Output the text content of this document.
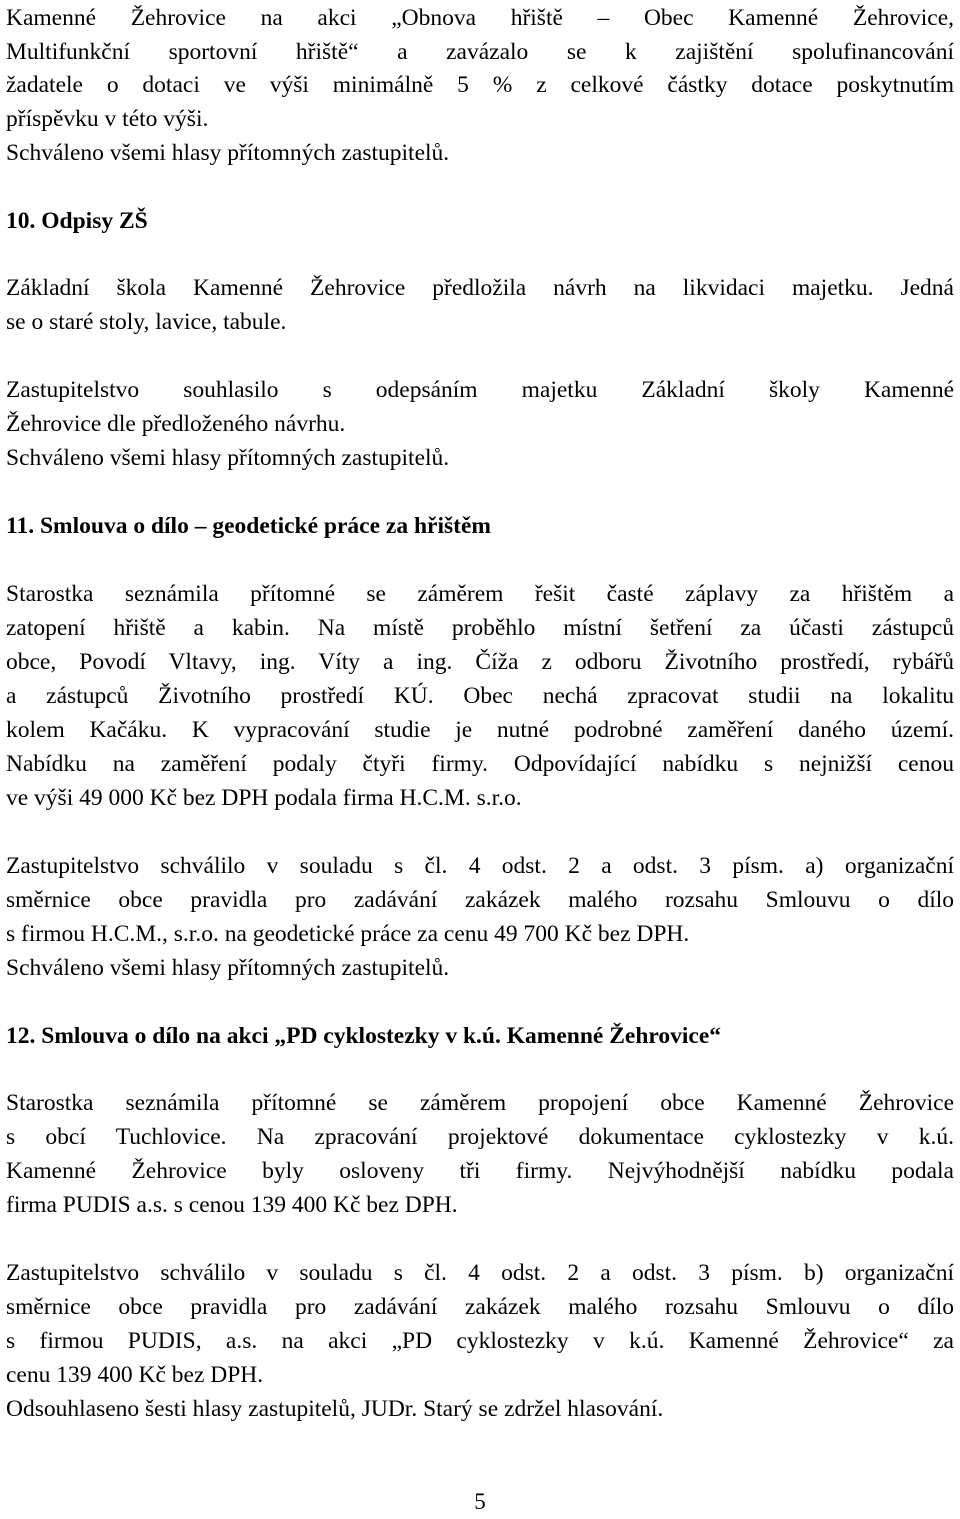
Kamenné Žehrovice na akci „Obnova hřiště – Obec Kamenné Žehrovice,
Multifunkční sportovní hřiště“ a zavázalo se k zajištění spolufinancování
žadatele o dotaci ve výši minimálně 5 % z celkové částky dotace poskytnutím
příspěvku v této výši.
Schváleno všemi hlasy přítomných zastupitelů.
10. Odpisy ZŠ
Základní škola Kamenné Žehrovice předložila návrh na likvidaci majetku. Jedná
se o staré stoly, lavice, tabule.
Zastupitelstvo souhlasilo s odepsáním majetku Základní školy Kamenné
Žehrovice dle předloženého návrhu.
Schváleno všemi hlasy přítomných zastupitelů.
11. Smlouva o dílo – geodetické práce za hřištěm
Starostka seznámila přítomné se záměrem řešit časté záplavy za hřištěm a
zatopení hřiště a kabin. Na místě proběhlo místní šetření za účasti zástupců
obce, Povodí Vltavy, ing. Víty a ing. Číža z odboru Životního prostředí, rybářů
a zástupců Životního prostředí KÚ. Obec nechá zpracovat studii na lokalitu
kolem Kačáku. K vypracování studie je nutné podrobné zaměření daného území.
Nabídku na zaměření podaly čtyři firmy. Odpovídající nabídku s nejnižší cenou
ve výši 49 000 Kč bez DPH podala firma H.C.M. s.r.o.
Zastupitelstvo schválilo v souladu s čl. 4 odst. 2 a odst. 3 písm. a) organizační
směrnice obce pravidla pro zadávání zakázek malého rozsahu Smlouvu o dílo
s firmou H.C.M., s.r.o. na geodetické práce za cenu 49 700 Kč bez DPH.
Schváleno všemi hlasy přítomných zastupitelů.
12. Smlouva o dílo na akci „PD cyklostezky v k.ú. Kamenné Žehrovice“
Starostka seznámila přítomné se záměrem propojení obce Kamenné Žehrovice
s obcí Tuchlovice. Na zpracování projektové dokumentace cyklostezky v k.ú.
Kamenné Žehrovice byly osloveny tři firmy. Nejvýhodnější nabídku podala
firma PUDIS a.s. s cenou 139 400 Kč bez DPH.
Zastupitelstvo schválilo v souladu s čl. 4 odst. 2 a odst. 3 písm. b) organizační
směrnice obce pravidla pro zadávání zakázek malého rozsahu Smlouvu o dílo
s firmou PUDIS, a.s. na akci „PD cyklostezky v k.ú. Kamenné Žehrovice“ za
cenu 139 400 Kč bez DPH.
Odsouhlaseno šesti hlasy zastupitelů, JUDr. Starý se zdržel hlasování.
5
